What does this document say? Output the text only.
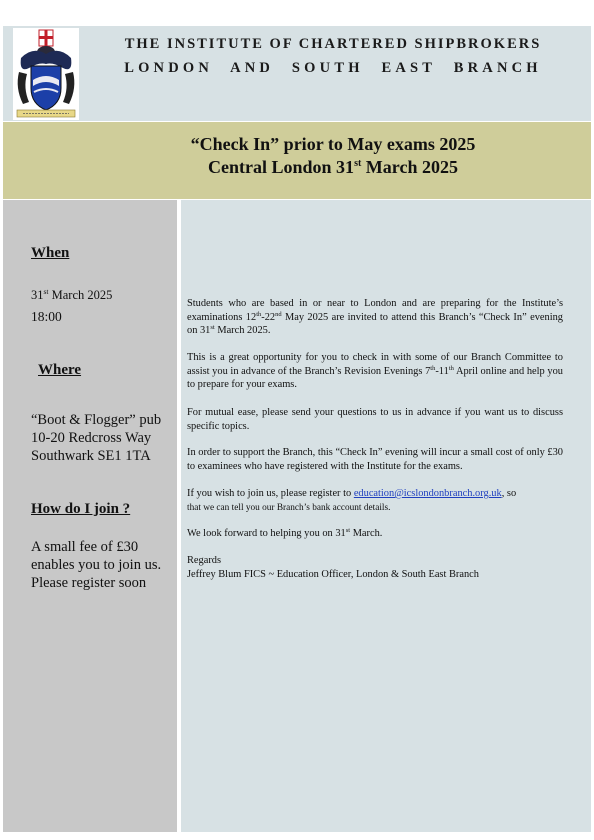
THE INSTITUTE OF CHARTERED SHIPBROKERS
LONDON AND SOUTH EAST BRANCH
“Check In” prior to May exams 2025
Central London 31st March 2025
When
31st March 2025
18:00
Where
“Boot & Flogger” pub
10-20 Redcross Way
Southwark SE1 1TA
How do I join ?
A small fee of £30
enables you to join us.
Please register soon

Students who are based in or near to London and are preparing for the Institute’s examinations 12th-22nd May 2025 are invited to attend this Branch’s “Check In” evening on 31st March 2025.

This is a great opportunity for you to check in with some of our Branch Committee to assist you in advance of the Branch’s Revision Evenings 7th-11th April online and help you to prepare for your exams.

For mutual ease, please send your questions to us in advance if you want us to discuss specific topics.

In order to support the Branch, this “Check In” evening will incur a small cost of only £30 to examinees who have registered with the Institute for the exams.

If you wish to join us, please register to education@icslondonbranch.org.uk, so
that we can tell you our Branch’s bank account details.

We look forward to helping you on 31st March.

Regards
Jeffrey Blum FICS ~ Education Officer, London & South East Branch
